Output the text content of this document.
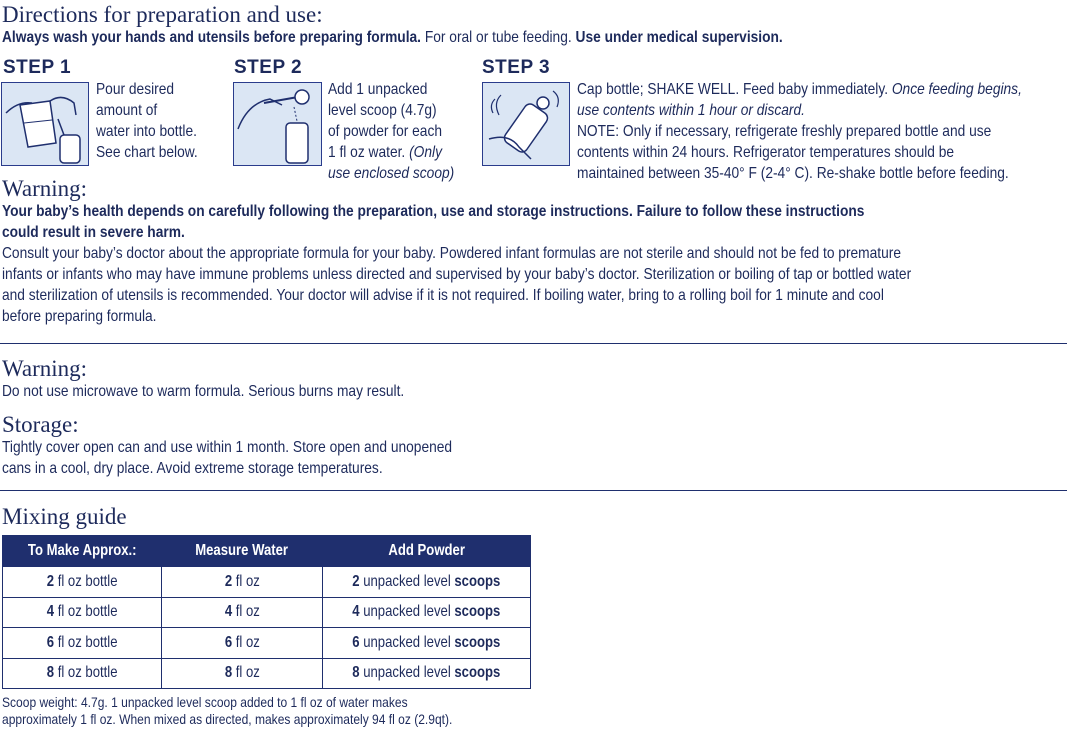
Directions for preparation and use:
Always wash your hands and utensils before preparing formula. For oral or tube feeding. Use under medical supervision.
STEP 1	STEP 2	STEP 3
Pour desired
amount of
water into bottle.
See chart below.
Add 1 unpacked
level scoop (4.7g)
of powder for each
1 fl oz water. (Only
use enclosed scoop)
Cap bottle; SHAKE WELL. Feed baby immediately. Once feeding begins,
use contents within 1 hour or discard.
NOTE: Only if necessary, refrigerate freshly prepared bottle and use
contents within 24 hours. Refrigerator temperatures should be
maintained between 35-40° F (2-4° C). Re-shake bottle before feeding.
Warning:
Your baby’s health depends on carefully following the preparation, use and storage instructions. Failure to follow these instructions
could result in severe harm.
Consult your baby’s doctor about the appropriate formula for your baby. Powdered infant formulas are not sterile and should not be fed to premature
infants or infants who may have immune problems unless directed and supervised by your baby’s doctor. Sterilization or boiling of tap or bottled water
and sterilization of utensils is recommended. Your doctor will advise if it is not required. If boiling water, bring to a rolling boil for 1 minute and cool
before preparing formula.
Warning:
Do not use microwave to warm formula. Serious burns may result.
Storage:
Tightly cover open can and use within 1 month. Store open and unopened
cans in a cool, dry place. Avoid extreme storage temperatures.
Mixing guide
To Make Approx.:	Measure Water	Add Powder
2 fl oz bottle	2 fl oz	2 unpacked level scoops
4 fl oz bottle	4 fl oz	4 unpacked level scoops
6 fl oz bottle	6 fl oz	6 unpacked level scoops
8 fl oz bottle	8 fl oz	8 unpacked level scoops
Scoop weight: 4.7g. 1 unpacked level scoop added to 1 fl oz of water makes
approximately 1 fl oz. When mixed as directed, makes approximately 94 fl oz (2.9qt).
